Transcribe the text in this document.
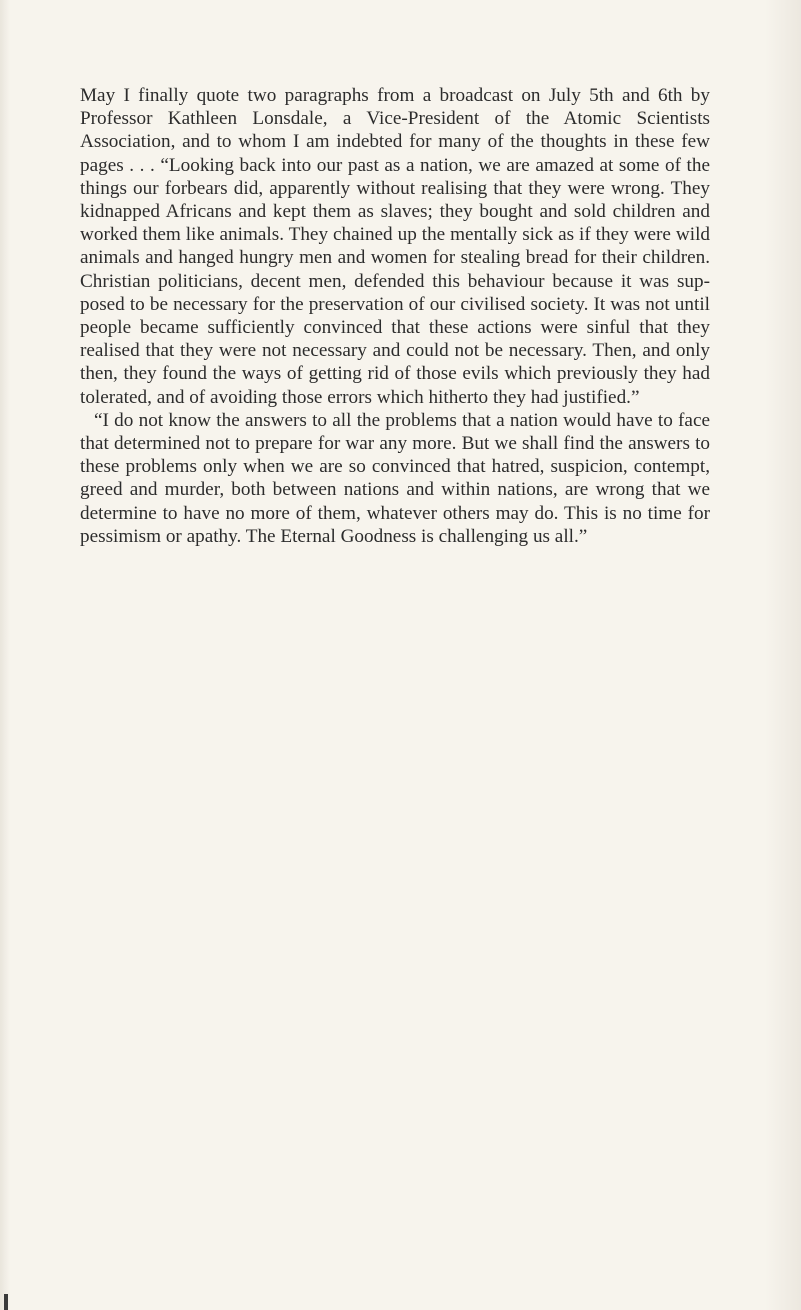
May I finally quote two paragraphs from a broadcast on July 5th and 6th by Professor Kathleen Lonsdale, a Vice-President of the Atomic Scientists Association, and to whom I am indebted for many of the thoughts in these few pages . . . “Looking back into our past as a nation, we are amazed at some of the things our forbears did, apparently without realising that they were wrong. They kidnapped Africans and kept them as slaves; they bought and sold children and worked them like animals. They chained up the mentally sick as if they were wild animals and hanged hungry men and women for stealing bread for their children. Christian politicians, decent men, defended this behaviour because it was supposed to be necessary for the preservation of our civilised society. It was not until people became sufficiently convinced that these actions were sinful that they realised that they were not necessary and could not be necessary. Then, and only then, they found the ways of getting rid of those evils which previously they had tolerated, and of avoiding those errors which hitherto they had justified.”

“I do not know the answers to all the problems that a nation would have to face that determined not to prepare for war any more. But we shall find the answers to these problems only when we are so convinced that hatred, suspicion, contempt, greed and murder, both between nations and within nations, are wrong that we determine to have no more of them, whatever others may do. This is no time for pessimism or apathy. The Eternal Goodness is challenging us all.”
